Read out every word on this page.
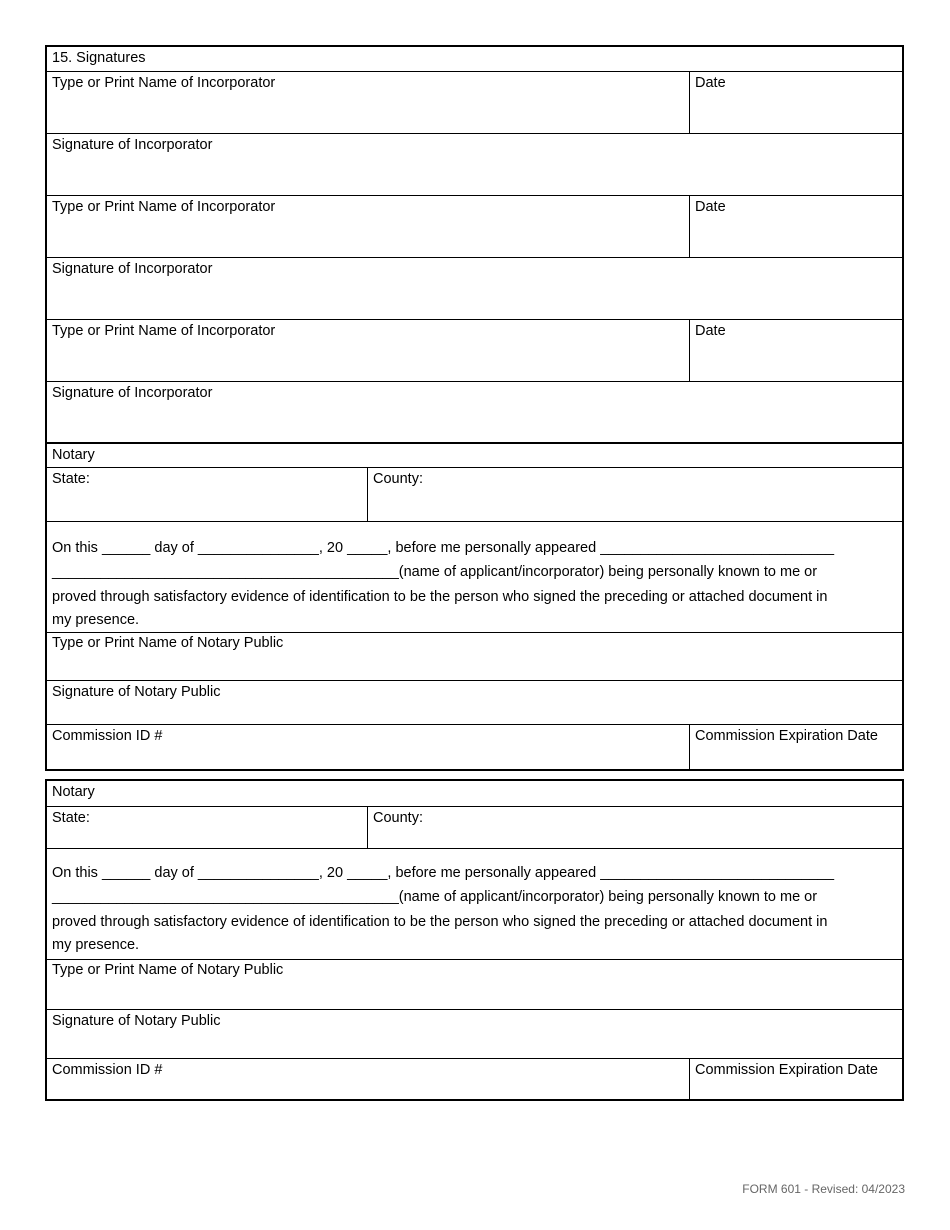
15. Signatures
Type or Print Name of Incorporator	Date
Signature of Incorporator
Type or Print Name of Incorporator	Date
Signature of Incorporator
Type or Print Name of Incorporator	Date
Signature of Incorporator
Notary
State:	County:
On this ______ day of _______________, 20 _____, before me personally appeared _____________________________
___________________________________________(name of applicant/incorporator) being personally known to me or
proved through satisfactory evidence of identification to be the person who signed the preceding or attached document in
my presence.
Type or Print Name of Notary Public
Signature of Notary Public
Commission ID #	Commission Expiration Date
Notary
State:	County:
On this ______ day of _______________, 20 _____, before me personally appeared _____________________________
___________________________________________(name of applicant/incorporator) being personally known to me or
proved through satisfactory evidence of identification to be the person who signed the preceding or attached document in
my presence.
Type or Print Name of Notary Public
Signature of Notary Public
Commission ID #	Commission Expiration Date
FORM 601 - Revised: 04/2023
